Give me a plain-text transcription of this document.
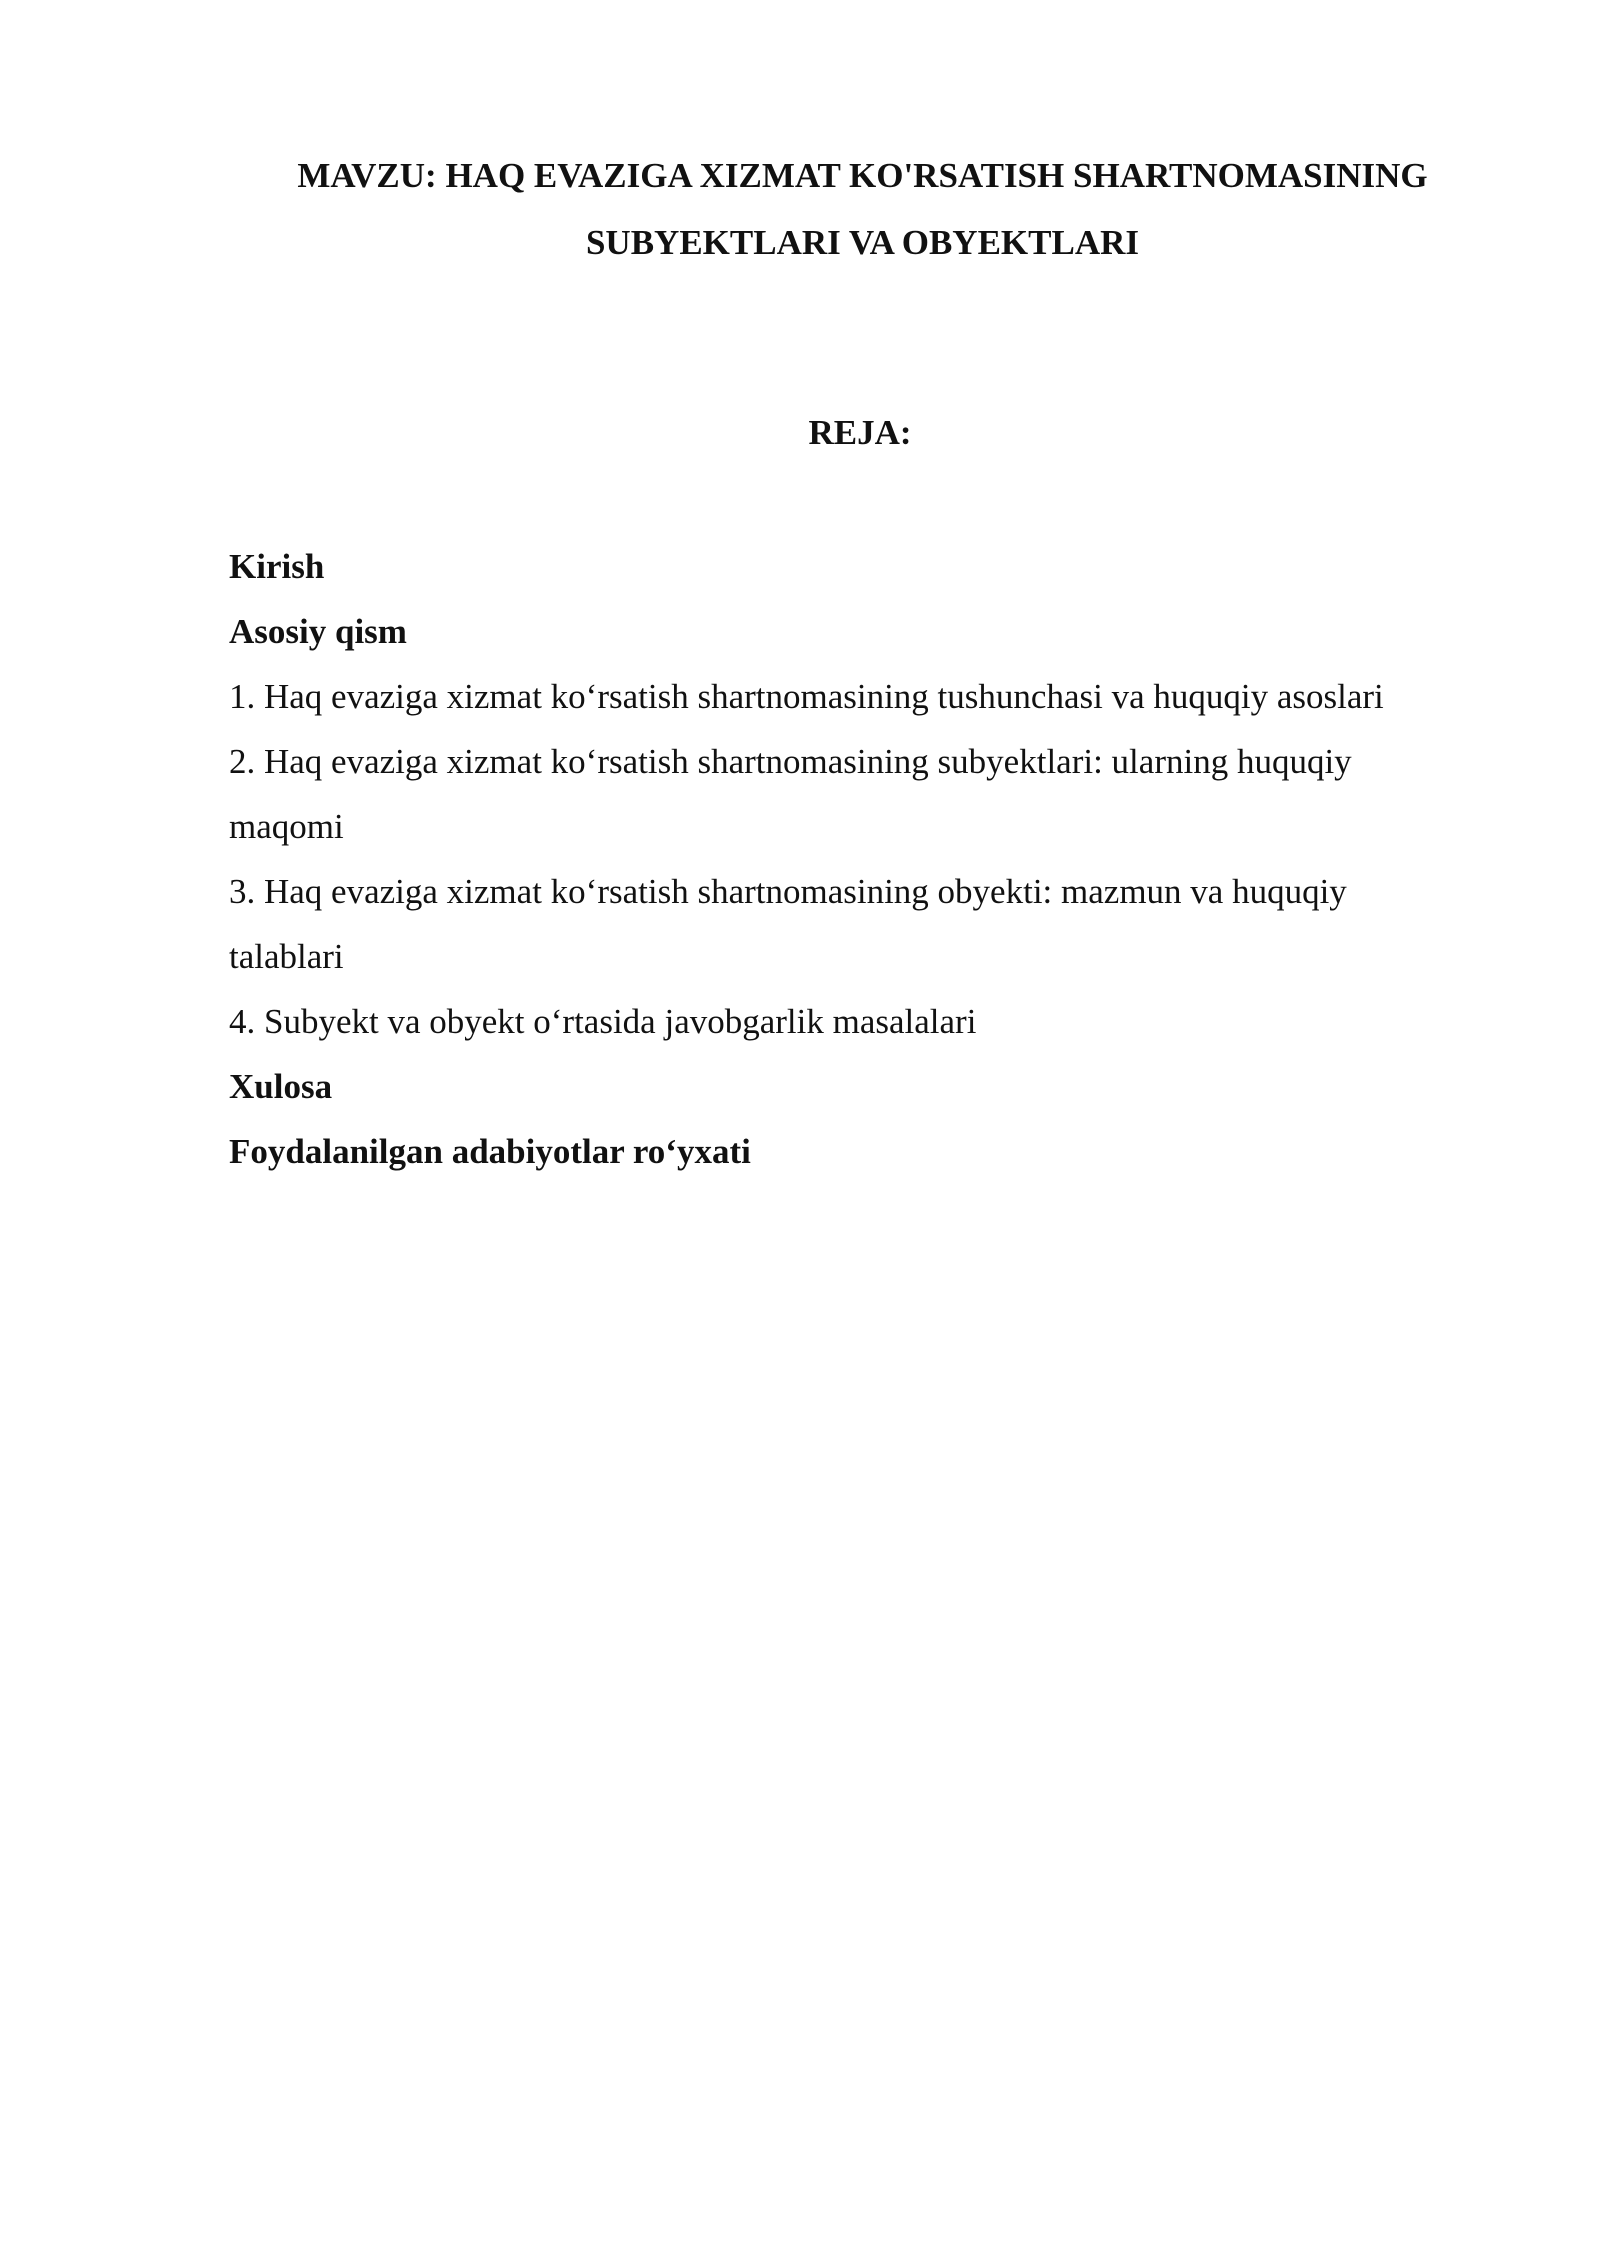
MAVZU: HAQ EVAZIGA XIZMAT KO'RSATISH SHARTNOMASINING
SUBYEKTLARI VA OBYEKTLARI
REJA:
Kirish
Asosiy qism
1. Haq evaziga xizmat ko‘rsatish shartnomasining tushunchasi va huquqiy asoslari
2. Haq evaziga xizmat ko‘rsatish shartnomasining subyektlari: ularning huquqiy
maqomi
3. Haq evaziga xizmat ko‘rsatish shartnomasining obyekti: mazmun va huquqiy
talablari
4. Subyekt va obyekt o‘rtasida javobgarlik masalalari
Xulosa
Foydalanilgan adabiyotlar ro‘yxati
